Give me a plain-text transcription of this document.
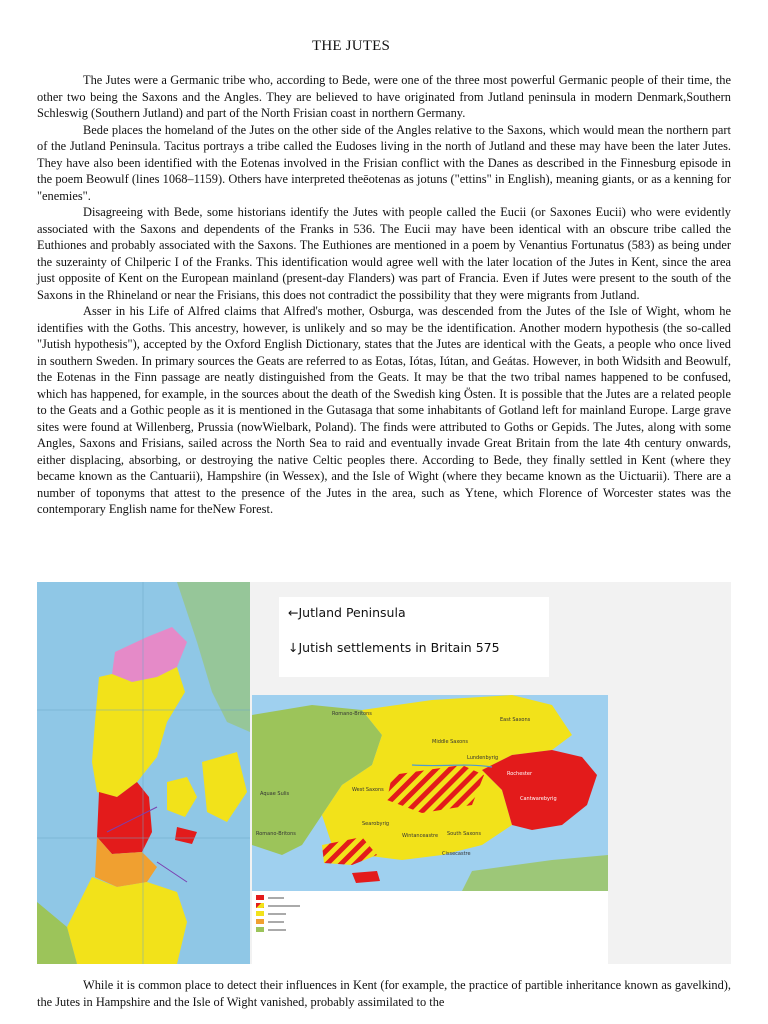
THE JUTES

The Jutes were a Germanic tribe who, according to Bede, were one of the three most powerful Germanic people of their time, the other two being the Saxons and the Angles. They are believed to have originated from Jutland peninsula in modern Denmark,Southern Schleswig (Southern Jutland) and part of the North Frisian coast in northern Germany.

Bede places the homeland of the Jutes on the other side of the Angles relative to the Saxons, which would mean the northern part of the Jutland Peninsula. Tacitus portrays a tribe called the Eudoses living in the north of Jutland and these may have been the later Jutes. They have also been identified with the Eotenas involved in the Frisian conflict with the Danes as described in the Finnesburg episode in the poem Beowulf (lines 1068–1159). Others have interpreted theēotenas as jotuns ("ettins" in English), meaning giants, or as a kenning for "enemies".

Disagreeing with Bede, some historians identify the Jutes with people called the Eucii (or Saxones Eucii) who were evidently associated with the Saxons and dependents of the Franks in 536. The Eucii may have been identical with an obscure tribe called the Euthiones and probably associated with the Saxons. The Euthiones are mentioned in a poem by Venantius Fortunatus (583) as being under the suzerainty of Chilperic I of the Franks. This identification would agree well with the later location of the Jutes in Kent, since the area just opposite of Kent on the European mainland (present-day Flanders) was part of Francia. Even if Jutes were present to the south of the Saxons in the Rhineland or near the Frisians, this does not contradict the possibility that they were migrants from Jutland.

Asser in his Life of Alfred claims that Alfred's mother, Osburga, was descended from the Jutes of the Isle of Wight, whom he identifies with the Goths. This ancestry, however, is unlikely and so may be the identification. Another modern hypothesis (the so-called "Jutish hypothesis"), accepted by the Oxford English Dictionary, states that the Jutes are identical with the Geats, a people who once lived in southern Sweden. In primary sources the Geats are referred to as Eotas, Iótas, Iútan, and Geátas. However, in both Widsith and Beowulf, the Eotenas in the Finn passage are neatly distinguished from the Geats. It may be that the two tribal names happened to be confused, which has happened, for example, in the sources about the death of the Swedish king Östen. It is possible that the Jutes are a related people to the Geats and a Gothic people as it is mentioned in the Gutasaga that some inhabitants of Gotland left for mainland Europe. Large grave sites were found at Willenberg, Prussia (nowWielbark, Poland). The finds were attributed to Goths or Gepids. The Jutes, along with some Angles, Saxons and Frisians, sailed across the North Sea to raid and eventually invade Great Britain from the late 4th century onwards, either displacing, absorbing, or destroying the native Celtic peoples there. According to Bede, they finally settled in Kent (where they became known as the Cantuarii), Hampshire (in Wessex), and the Isle of Wight (where they became known as the Uictuarii). There are a number of toponyms that attest to the presence of the Jutes in the area, such as Ytene, which Florence of Worcester states was the contemporary English name for theNew Forest.

←Jutland Peninsula
↓Jutish settlements in Britain 575
Romano-Britons
East Saxons
Middle Saxons
Lundenbyrig
Rochester
Cantwarebyrig
West Saxons
Searobyrig
Wintanceastre South Saxons
Cissecastre
Aquae Sulis
Romano-Britons

While it is common place to detect their influences in Kent (for example, the practice of partible inheritance known as gavelkind), the Jutes in Hampshire and the Isle of Wight vanished, probably assimilated to the
